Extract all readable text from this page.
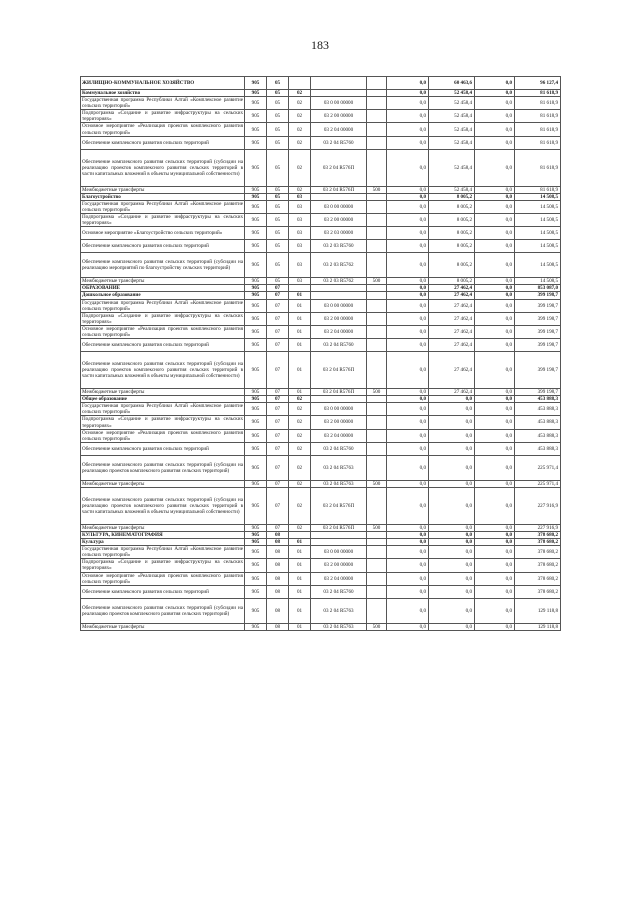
183
ЖИЛИЩНО-КОММУНАЛЬНОЕ ХОЗЯЙСТВО	905	05				0,0	60 463,6	0,0	96 127,4
Коммунальное хозяйство	905	05	02			0,0	52 458,4	0,0	81 618,9
Государственная программа Республики Алтай «Комплексное развитие сельских территорий»	905	05	02	03 0 00 00000		0,0	52 458,4	0,0	81 618,9
Подпрограмма «Создание и развитие инфраструктуры на сельских территориях»	905	05	02	03 2 00 00000		0,0	52 458,4	0,0	81 618,9
Основное мероприятие «Реализация проектов комплексного развития сельских территорий»	905	05	02	03 2 04 00000		0,0	52 458,4	0,0	81 618,9
Обеспечение комплексного развития сельских территорий	905	05	02	03 2 04 R5760		0,0	52 458,4	0,0	81 618,9
Обеспечение комплексного развития сельских территорий (субсидии на реализацию проектов комплексного развития сельских территорий в части капитальных вложений в объекты муниципальной собственности)	905	05	02	03 2 04 R576П		0,0	52 458,4	0,0	81 618,9
Межбюджетные трансферты	905	05	02	03 2 04 R576П	500	0,0	52 458,4	0,0	81 618,9
Благоустройство	905	05	03			0,0	8 005,2	0,0	14 508,5
Государственная программа Республики Алтай «Комплексное развитие сельских территорий»	905	05	03	03 0 00 00000		0,0	8 005,2	0,0	14 508,5
Подпрограмма «Создание и развитие инфраструктуры на сельских территориях»	905	05	03	03 2 00 00000		0,0	8 005,2	0,0	14 508,5
Основное мероприятие «Благоустройство сельских территорий»	905	05	03	03 2 03 00000		0,0	8 005,2	0,0	14 508,5
Обеспечение комплексного развития сельских территорий	905	05	03	03 2 03 R5760		0,0	8 005,2	0,0	14 508,5
Обеспечение комплексного развития сельских территорий (субсидии на реализацию мероприятий по благоустройству сельских территорий)	905	05	03	03 2 03 R5762		0,0	8 005,2	0,0	14 508,5
Межбюджетные трансферты	905	05	03	03 2 03 R5762	500	0,0	8 005,2	0,0	14 508,5
ОБРАЗОВАНИЕ	905	07				0,0	27 462,4	0,0	853 087,0
Дошкольное образование	905	07	01			0,0	27 462,4	0,0	399 198,7
Государственная программа Республики Алтай «Комплексное развитие сельских территорий»	905	07	01	03 0 00 00000		0,0	27 462,4	0,0	399 198,7
Подпрограмма «Создание и развитие инфраструктуры на сельских территориях»	905	07	01	03 2 00 00000		0,0	27 462,4	0,0	399 198,7
Основное мероприятие «Реализация проектов комплексного развития сельских территорий»	905	07	01	03 2 04 00000		0,0	27 462,4	0,0	399 198,7
Обеспечение комплексного развития сельских территорий	905	07	01	03 2 04 R5760		0,0	27 462,4	0,0	399 198,7
Обеспечение комплексного развития сельских территорий (субсидии на реализацию проектов комплексного развития сельских территорий в части капитальных вложений в объекты муниципальной собственности)	905	07	01	03 2 04 R576П		0,0	27 462,4	0,0	399 198,7
Межбюджетные трансферты	905	07	01	03 2 04 R576П	500	0,0	27 462,4	0,0	399 198,7
Общее образование	905	07	02			0,0	0,0	0,0	453 888,3
Государственная программа Республики Алтай «Комплексное развитие сельских территорий»	905	07	02	03 0 00 00000		0,0	0,0	0,0	453 888,3
Подпрограмма «Создание и развитие инфраструктуры на сельских территориях»	905	07	02	03 2 00 00000		0,0	0,0	0,0	453 888,3
Основное мероприятие «Реализация проектов комплексного развития сельских территорий»	905	07	02	03 2 04 00000		0,0	0,0	0,0	453 888,3
Обеспечение комплексного развития сельских территорий	905	07	02	03 2 04 R5760		0,0	0,0	0,0	453 888,3
Обеспечение комплексного развития сельских территорий (субсидии на реализацию проектов комплексного развития сельских территорий)	905	07	02	03 2 04 R5763		0,0	0,0	0,0	225 971,4
Межбюджетные трансферты	905	07	02	03 2 04 R5763	500	0,0	0,0	0,0	225 971,4
Обеспечение комплексного развития сельских территорий (субсидии на реализацию проектов комплексного развития сельских территорий в части капитальных вложений в объекты муниципальной собственности)	905	07	02	03 2 04 R576П		0,0	0,0	0,0	227 916,9
Межбюджетные трансферты	905	07	02	03 2 04 R576П	500	0,0	0,0	0,0	227 916,9
КУЛЬТУРА, КИНЕМАТОГРАФИЯ	905	08				0,0	0,0	0,0	378 680,2
Культура	905	08	01			0,0	0,0	0,0	378 680,2
Государственная программа Республики Алтай «Комплексное развитие сельских территорий»	905	08	01	03 0 00 00000		0,0	0,0	0,0	378 680,2
Подпрограмма «Создание и развитие инфраструктуры на сельских территориях»	905	08	01	03 2 00 00000		0,0	0,0	0,0	378 680,2
Основное мероприятие «Реализация проектов комплексного развития сельских территорий»	905	08	01	03 2 04 00000		0,0	0,0	0,0	378 680,2
Обеспечение комплексного развития сельских территорий	905	08	01	03 2 04 R5760		0,0	0,0	0,0	378 680,2
Обеспечение комплексного развития сельских территорий (субсидии на реализацию проектов комплексного развития сельских территорий)	905	08	01	03 2 04 R5763		0,0	0,0	0,0	129 118,8
Межбюджетные трансферты	905	08	01	03 2 04 R5763	500	0,0	0,0	0,0	129 118,8
